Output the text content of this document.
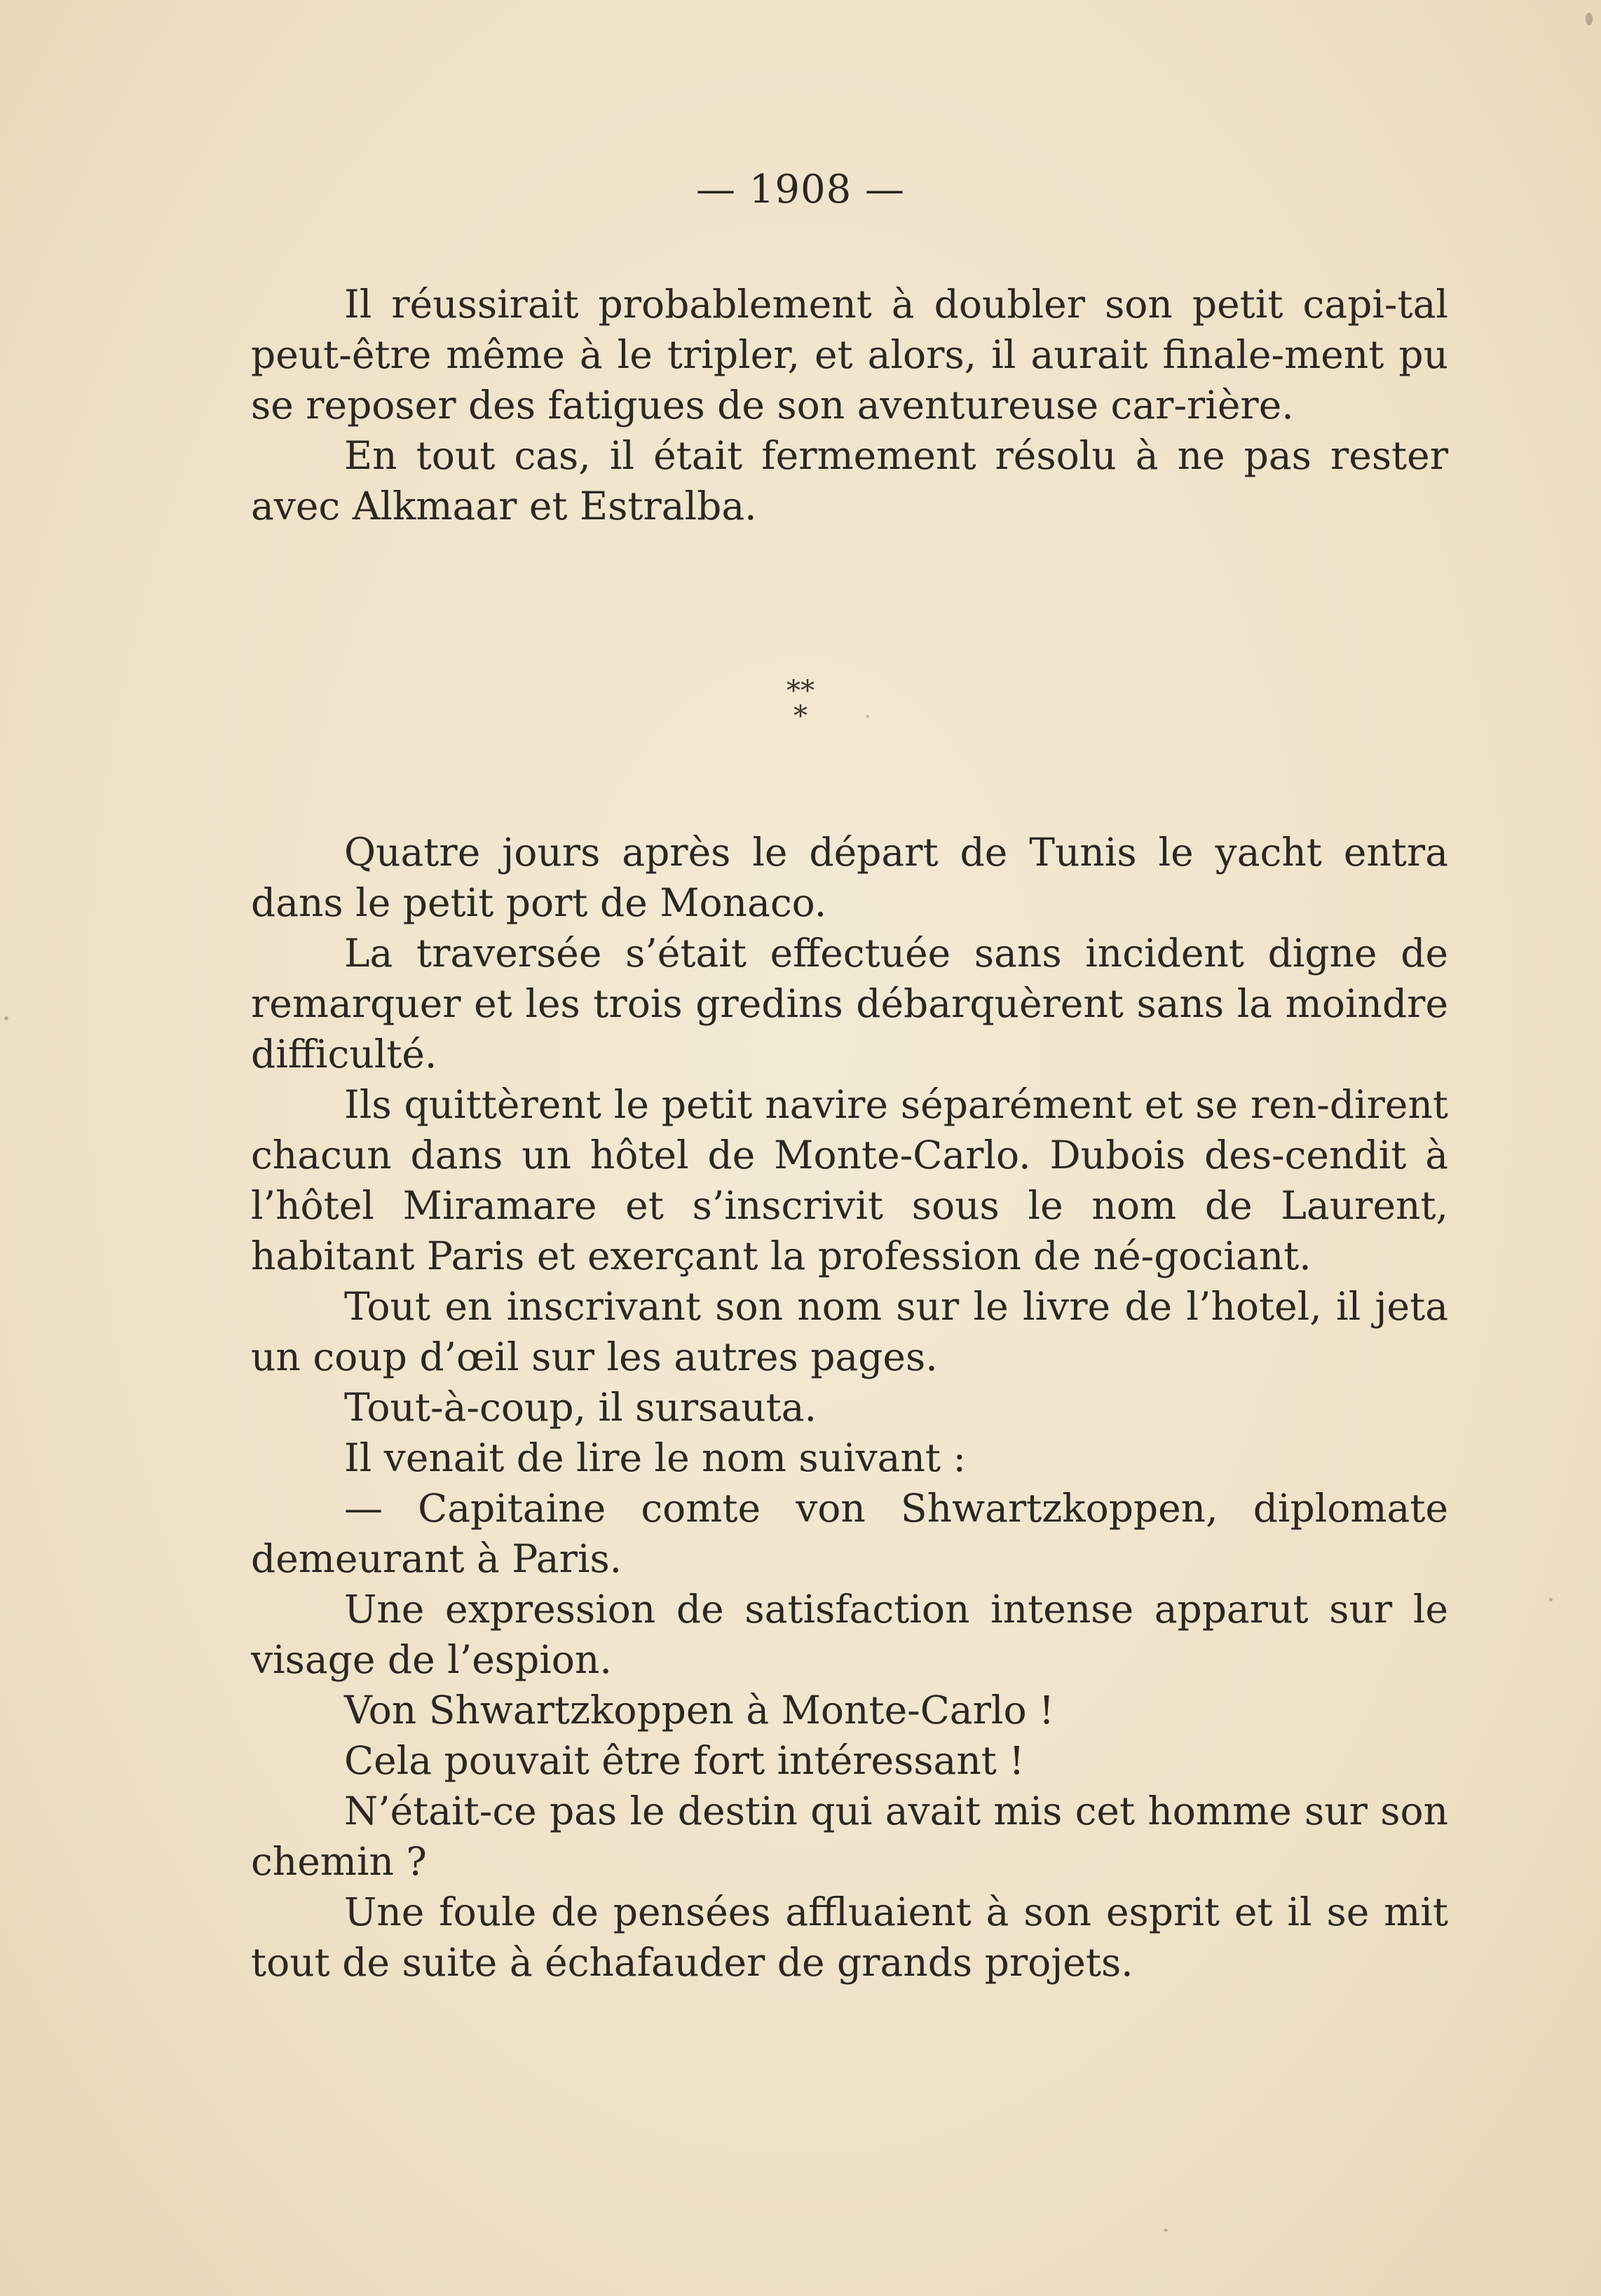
— 1908 —

Il réussirait probablement à doubler son petit capi-tal peut-être même à le tripler, et alors, il aurait finale-ment pu se reposer des fatigues de son aventureuse car-rière.

En tout cas, il était fermement résolu à ne pas rester avec Alkmaar et Estralba.

**
*

Quatre jours après le départ de Tunis le yacht entra dans le petit port de Monaco.

La traversée s’était effectuée sans incident digne de remarquer et les trois gredins débarquèrent sans la moindre difficulté.

Ils quittèrent le petit navire séparément et se ren-dirent chacun dans un hôtel de Monte-Carlo. Dubois des-cendit à l’hôtel Miramare et s’inscrivit sous le nom de Laurent, habitant Paris et exerçant la profession de né-gociant.

Tout en inscrivant son nom sur le livre de l’hotel, il jeta un coup d’œil sur les autres pages.

Tout-à-coup, il sursauta.

Il venait de lire le nom suivant :

— Capitaine comte von Shwartzkoppen, diplomate demeurant à Paris.

Une expression de satisfaction intense apparut sur le visage de l’espion.

Von Shwartzkoppen à Monte-Carlo !

Cela pouvait être fort intéressant !

N’était-ce pas le destin qui avait mis cet homme sur son chemin ?

Une foule de pensées affluaient à son esprit et il se mit tout de suite à échafauder de grands projets.
